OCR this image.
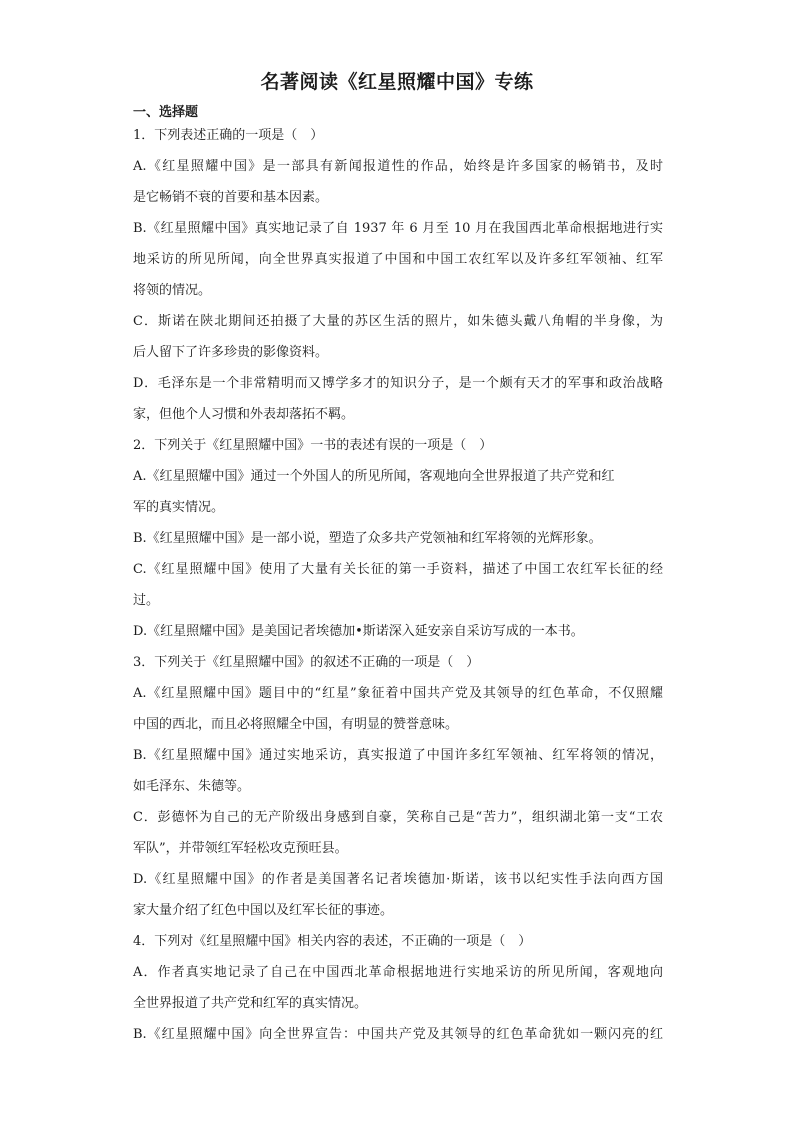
名著阅读《红星照耀中国》专练
一、选择题
1．下列表述正确的一项是（　）
A.《红星照耀中国》是一部具有新闻报道性的作品，始终是许多国家的畅销书，及时
是它畅销不衰的首要和基本因素。
B.《红星照耀中国》真实地记录了自 1937 年 6 月至 10 月在我国西北革命根据地进行实
地采访的所见所闻，向全世界真实报道了中国和中国工农红军以及许多红军领袖、红军
将领的情况。
C．斯诺在陕北期间还拍摄了大量的苏区生活的照片，如朱德头戴八角帽的半身像，为
后人留下了许多珍贵的影像资料。
D．毛泽东是一个非常精明而又博学多才的知识分子，是一个颇有天才的军事和政治战略
家，但他个人习惯和外表却落拓不羁。
2．下列关于《红星照耀中国》一书的表述有误的一项是（　）
A.《红星照耀中国》通过一个外国人的所见所闻，客观地向全世界报道了共产党和红
军的真实情况。
B.《红星照耀中国》是一部小说，塑造了众多共产党领袖和红军将领的光辉形象。
C.《红星照耀中国》使用了大量有关长征的第一手资料，描述了中国工农红军长征的经
过。
D.《红星照耀中国》是美国记者埃德加•斯诺深入延安亲自采访写成的一本书。
3．下列关于《红星照耀中国》的叙述不正确的一项是（　）
A.《红星照耀中国》题目中的“红星”象征着中国共产党及其领导的红色革命，不仅照耀
中国的西北，而且必将照耀全中国，有明显的赞誉意味。
B.《红星照耀中国》通过实地采访，真实报道了中国许多红军领袖、红军将领的情况，
如毛泽东、朱德等。
C．彭德怀为自己的无产阶级出身感到自豪，笑称自己是“苦力”，组织湖北第一支“工农
军队”，并带领红军轻松攻克预旺县。
D.《红星照耀中国》的作者是美国著名记者埃德加·斯诺，该书以纪实性手法向西方国
家大量介绍了红色中国以及红军长征的事迹。
4．下列对《红星照耀中国》相关内容的表述，不正确的一项是（　）
A．作者真实地记录了自己在中国西北革命根据地进行实地采访的所见所闻，客观地向
全世界报道了共产党和红军的真实情况。
B.《红星照耀中国》向全世界宣告：中国共产党及其领导的红色革命犹如一颗闪亮的红
